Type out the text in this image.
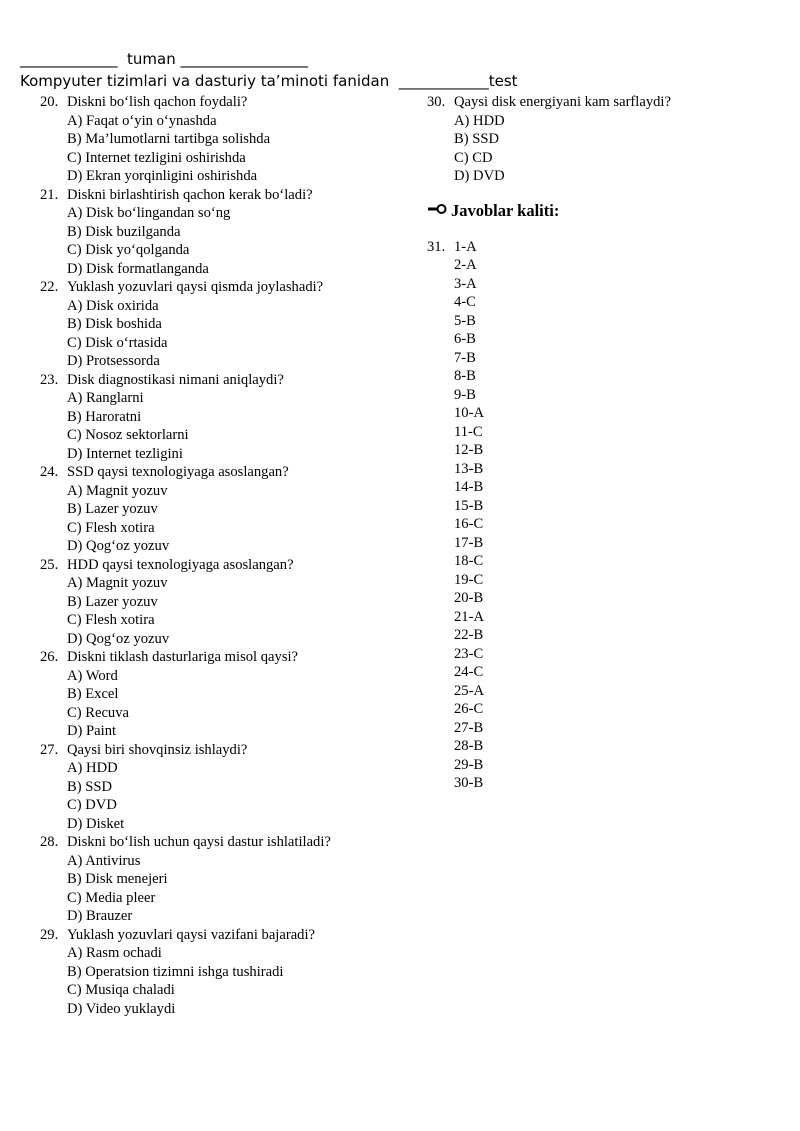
_____________  tuman _________________
Kompyuter tizimlari va dasturiy ta’minoti fanidan  ____________test
20. Diskni bo‘lish qachon foydali?
A) Faqat o‘yin o‘ynashda
B) Ma’lumotlarni tartibga solishda
C) Internet tezligini oshirishda
D) Ekran yorqinligini oshirishda
21. Diskni birlashtirish qachon kerak bo‘ladi?
A) Disk bo‘lingandan so‘ng
B) Disk buzilganda
C) Disk yo‘qolganda
D) Disk formatlanganda
22. Yuklash yozuvlari qaysi qismda joylashadi?
A) Disk oxirida
B) Disk boshida
C) Disk o‘rtasida
D) Protsessorda
23. Disk diagnostikasi nimani aniqlaydi?
A) Ranglarni
B) Haroratni
C) Nosoz sektorlarni
D) Internet tezligini
24. SSD qaysi texnologiyaga asoslangan?
A) Magnit yozuv
B) Lazer yozuv
C) Flesh xotira
D) Qog‘oz yozuv
25. HDD qaysi texnologiyaga asoslangan?
A) Magnit yozuv
B) Lazer yozuv
C) Flesh xotira
D) Qog‘oz yozuv
26. Diskni tiklash dasturlariga misol qaysi?
A) Word
B) Excel
C) Recuva
D) Paint
27. Qaysi biri shovqinsiz ishlaydi?
A) HDD
B) SSD
C) DVD
D) Disket
28. Diskni bo‘lish uchun qaysi dastur ishlatiladi?
A) Antivirus
B) Disk menejeri
C) Media pleer
D) Brauzer
29. Yuklash yozuvlari qaysi vazifani bajaradi?
A) Rasm ochadi
B) Operatsion tizimni ishga tushiradi
C) Musiqa chaladi
D) Video yuklaydi
30. Qaysi disk energiyani kam sarflaydi?
A) HDD
B) SSD
C) CD
D) DVD
Javoblar kaliti:
31. 1-A
2-A
3-A
4-C
5-B
6-B
7-B
8-B
9-B
10-A
11-C
12-B
13-B
14-B
15-B
16-C
17-B
18-C
19-C
20-B
21-A
22-B
23-C
24-C
25-A
26-C
27-B
28-B
29-B
30-B
